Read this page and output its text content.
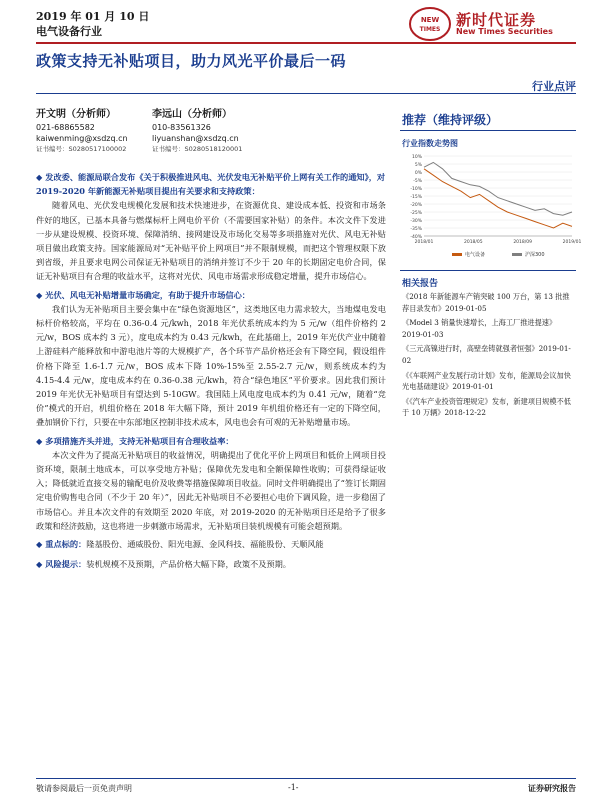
2019 年 01 月 10 日
电气设备行业
NEW
TIMES
新时代证券
New Times Securities
政策支持无补贴项目，助力风光平价最后一码
行业点评
开文明（分析师）
021-68865582
kaiwenming@xsdzq.cn
证书编号：S0280517100002
李远山（分析师）
010-83561326
liyuanshan@xsdzq.cn
证书编号：S0280518120001
推荐（维持评级）
行业指数走势图
10%
5%
0%
-5%
-10%
-15%
-20%
-25%
-30%
-35%
-40%
2018/01	2018/05	2018/09	2019/01
电气设备	沪深300
相关报告
《2018 年新能源车产销突破 100 万台，第 13 批推荐目录发布》2019-01-05
《Model 3 销量快速增长，上海工厂推进提速》2019-01-03
《三元高镍进行时，高壁垒铸就强者恒强》2019-01-02
《《车联网产业发展行动计划》发布，能源局会议加快光电基础建设》2019-01-01
《《汽车产业投资管理规定》发布，新建项目规模不低于 10 万辆》2018-12-22
◆ 发改委、能源局联合发布《关于积极推进风电、光伏发电无补贴平价上网有关工作的通知》，对 2019-2020 年新能源无补贴项目提出有关要求和支持政策：

随着风电、光伏发电规模化发展和技术快速进步，在资源优良、建设成本低、投资和市场条件好的地区，已基本具备与燃煤标杆上网电价平价（不需要国家补贴）的条件。本次文件下发进一步从建设规模、投资环境、保障消纳、接网建设及市场化交易等多项措施对光伏、风电无补贴项目做出政策支持。国家能源局对“无补贴平价上网项目”并不限制规模，而把这个管理权限下放到省级，并且要求电网公司保证无补贴项目的消纳并签订不少于 20 年的长期固定电价合同，保证无补贴项目有合理的收益水平，这将对光伏、风电市场需求形成稳定增量，提升市场信心。

◆ 光伏、风电无补贴增量市场确定，有助于提升市场信心：

我们认为无补贴项目主要会集中在“绿色资源地区”，这类地区电力需求较大，当地煤电发电标杆价格较高，平均在 0.36-0.4 元/kwh，2018 年光伏系统成本约为 5 元/w（组件价格约 2 元/w，BOS 成本约 3 元），度电成本约为 0.43 元/kwh，在此基础上，2019 年光伏产业中随着上游硅料产能释放和中游电池片等的大规模扩产，各个环节产品价格还会有下降空间，假设组件价格下降至 1.6-1.7 元/w，BOS 成本下降 10%-15%至 2.55-2.7 元/w，则系统成本约为 4.15-4.4 元/w，度电成本约在 0.36-0.38 元/kwh，符合“绿色地区”平价要求。因此我们预计 2019 年光伏无补贴项目有望达到 5-10GW。我国陆上风电度电成本约为 0.41 元/w，随着“竞价”模式的开启，机组价格在 2018 年大幅下降，预计 2019 年机组价格还有一定的下降空间，叠加钢价下行，只要在中东部地区控制非技术成本，风电也会有可观的无补贴增量市场。

◆ 多项措施齐头并进，支持无补贴项目有合理收益率：

本次文件为了提高无补贴项目的收益情况，明确提出了优化平价上网项目和低价上网项目投资环境，限制土地成本，可以享受地方补贴；保障优先发电和全额保障性收购；可获得绿证收入；降低就近直接交易的输配电价及收费等措施保障项目收益。同时文件明确提出了“签订长期固定电价购售电合同（不少于 20 年）”，因此无补贴项目不必要担心电价下调风险，进一步稳固了市场信心。并且本次文件的有效期至 2020 年底，对 2019-2020 的无补贴项目还是给予了很多政策和经济鼓励，这也将进一步刺激市场需求，无补贴项目装机规模有可能会超预期。

◆ 重点标的：隆基股份、通威股份、阳光电源、金风科技、福能股份、天顺风能
◆ 风险提示：装机规模不及预期，产品价格大幅下降，政策不及预期。
敬请参阅最后一页免责声明	-1-	证券研究报告
